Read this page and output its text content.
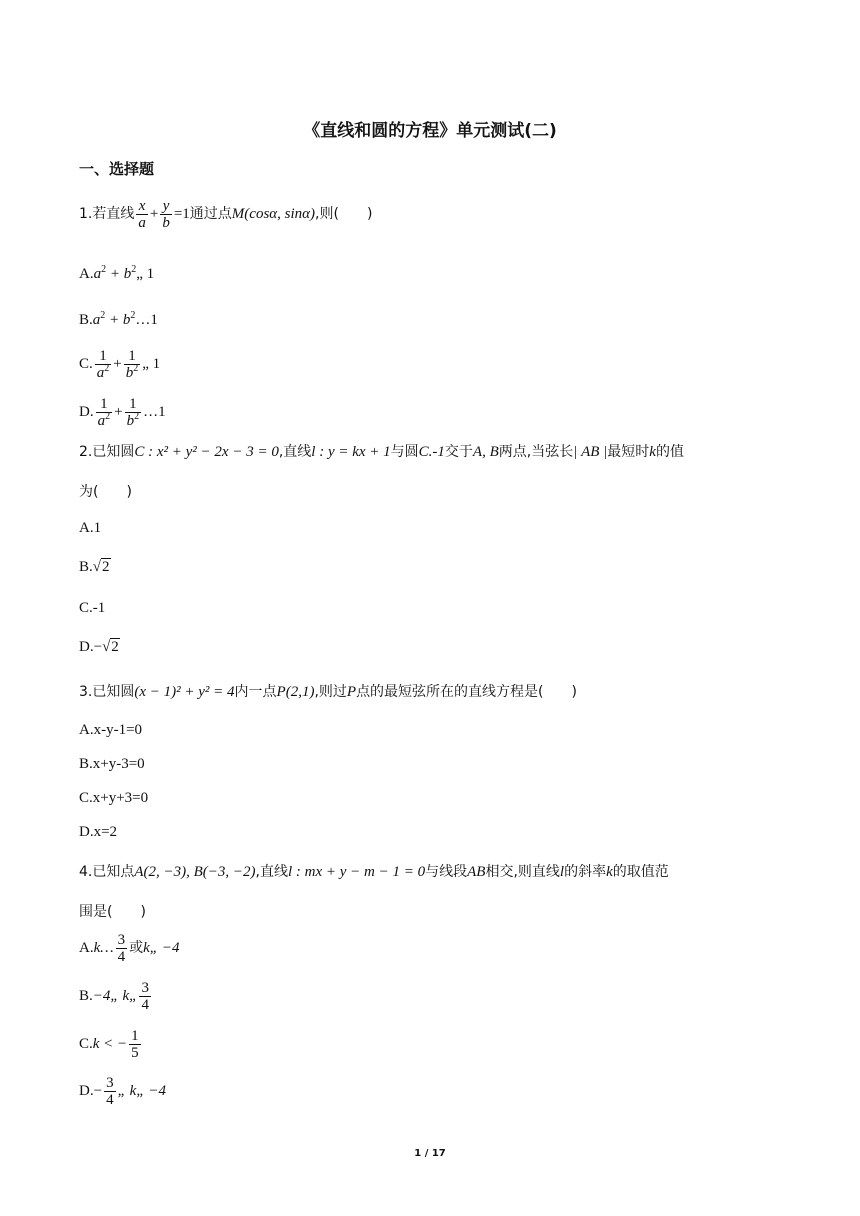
《直线和圆的方程》单元测试(二)
一、选择题
1.若直线 $\frac{x}{a} + \frac{y}{b} =1$通过点M(cosα, sinα),则(　　)
$A.a^2$ + $b^2„$ 1
$B.a^2$ + $b^2\dots 1$
C. $\frac{1}{a^2} + \frac{1}{b^2}$ „ 1
D. $\frac{1}{a^2} + \frac{1}{b^2}$ …1
2.已知圆C : x² + y² − 2x − 3 = 0,直线l : y = kx + 1与圆C.-1交于A, B两点,当弦长| AB |最短时k的值
为(　　)
A.1
B.√2
C.-1
D.−√2
3.已知圆(x − 1)² + y² = 4内一点P(2,1),则过P点的最短弦所在的直线方程是(　　)
A.x-y-1=0
B.x+y-3=0
C.x+y+3=0
D.x=2
4.已知点A(2, −3), B(−3, −2),直线l : mx + y − m − 1 = 0与线段AB相交,则直线l的斜率k的取值范
围是(　　)
A.k… $\frac{3}{4}$ 或k„ −4
B.−4„ k„ $\frac{3}{4}$
C.k < − $\frac{1}{5}$
$D.- \frac{3}{4}$ „ k„ −4
1 / 17
